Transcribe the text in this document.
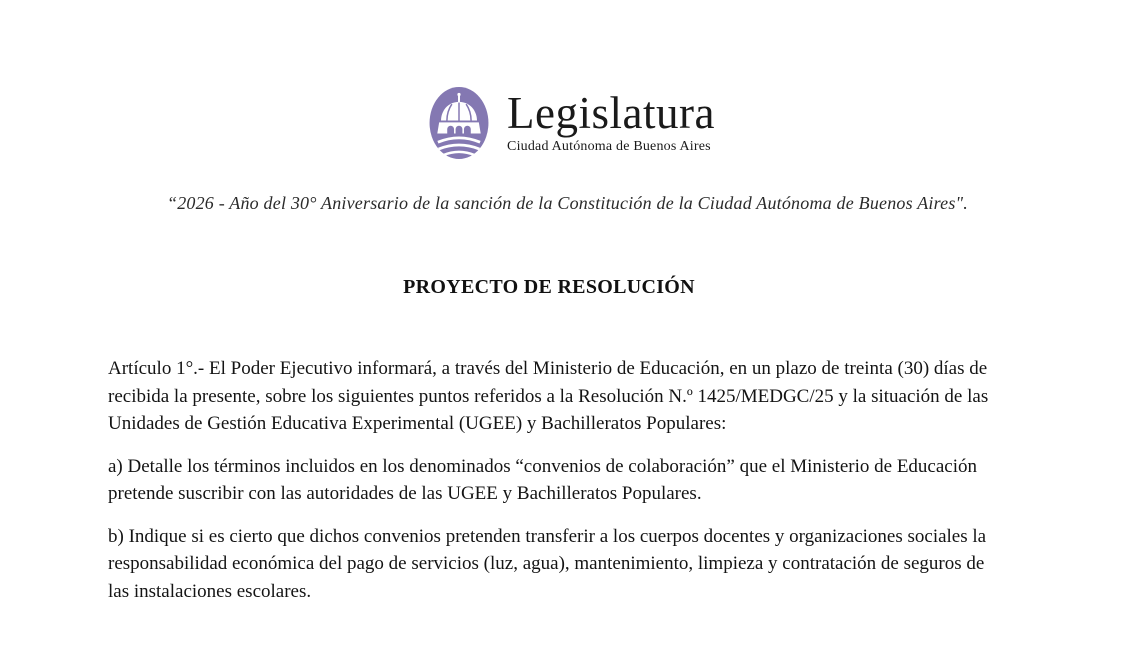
Legislatura
Ciudad Autónoma de Buenos Aires

“2026 - Año del 30° Aniversario de la sanción de la Constitución de la Ciudad Autónoma de Buenos Aires".

PROYECTO DE RESOLUCIÓN

Artículo 1°.- El Poder Ejecutivo informará, a través del Ministerio de Educación, en un plazo de treinta (30) días de recibida la presente, sobre los siguientes puntos referidos a la Resolución N.º 1425/MEDGC/25 y la situación de las Unidades de Gestión Educativa Experimental (UGEE) y Bachilleratos Populares:

a) Detalle los términos incluidos en los denominados “convenios de colaboración” que el Ministerio de Educación pretende suscribir con las autoridades de las UGEE y Bachilleratos Populares.

b) Indique si es cierto que dichos convenios pretenden transferir a los cuerpos docentes y organizaciones sociales la responsabilidad económica del pago de servicios (luz, agua), mantenimiento, limpieza y contratación de seguros de las instalaciones escolares.
